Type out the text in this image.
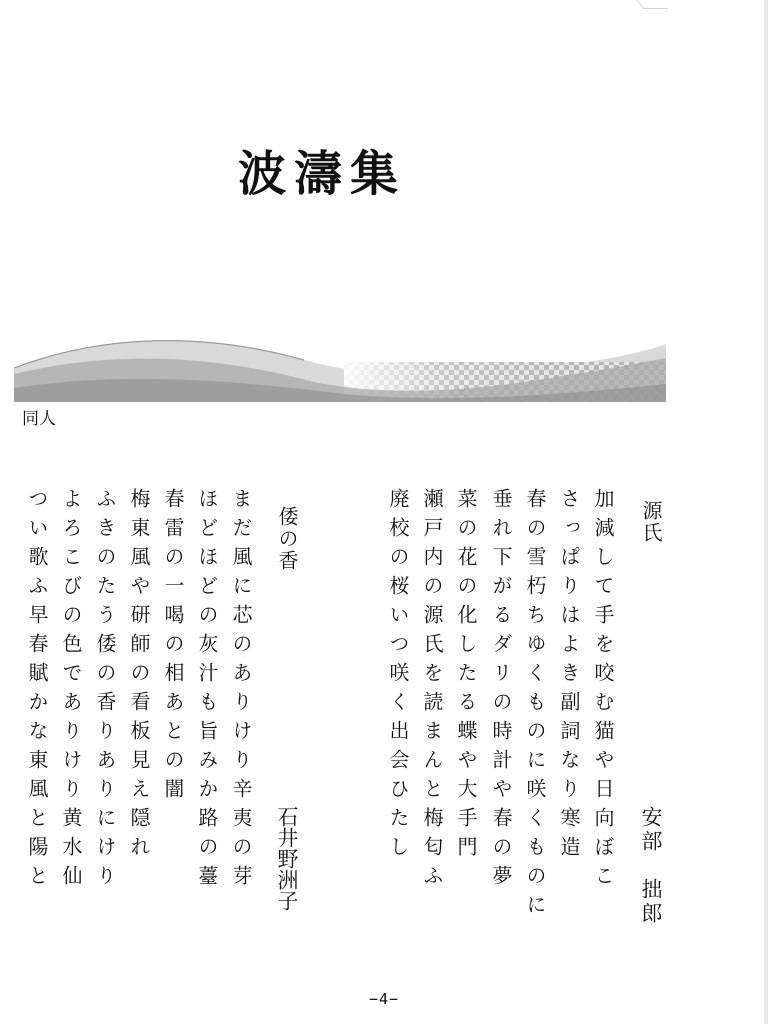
波濤集
同人
源氏
安部　拙郎
加減して手を咬む猫や日向ぼこ
さっぱりはよき副詞なり寒造
春の雪朽ちゆくものに咲くものに
垂れ下がるダリの時計や春の夢
菜の花の化したる蝶や大手門
瀬戸内の源氏を読まんと梅匂ふ
廃校の桜いつ咲く出会ひたし
倭の香
石井野洲子
まだ風に芯のありけり辛夷の芽
ほどほどの灰汁も旨みか路の薹
春雷の一喝の相あとの闇
梅東風や研師の看板見え隠れ
ふきのたう倭の香りありにけり
よろこびの色でありけり黄水仙
つい歌ふ早春賦かな東風と陽と
−4−
